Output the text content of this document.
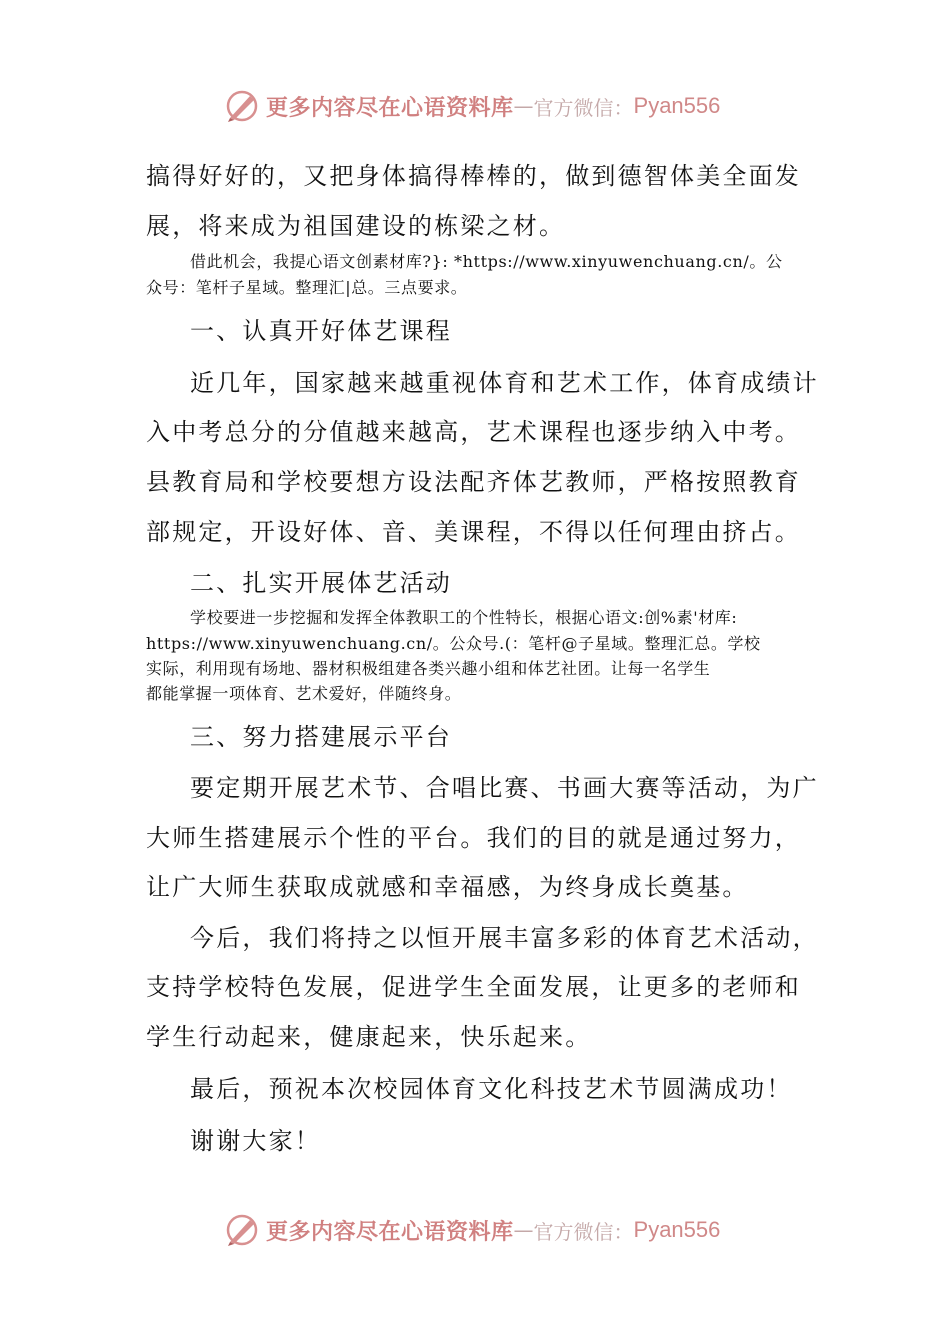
更多内容尽在心语资料库 — 官方微信： Pyan556
搞得好好的，又把身体搞得棒棒的，做到德智体美全面发
展，将来成为祖国建设的栋梁之材。
借此机会，我提心语文创素材库?}: *https://www.xinyuwenchuang.cn/。公
众号：笔杆子星域。整理汇|总。三点要求。
一、认真开好体艺课程
近几年，国家越来越重视体育和艺术工作，体育成绩计
入中考总分的分值越来越高，艺术课程也逐步纳入中考。
县教育局和学校要想方设法配齐体艺教师，严格按照教育
部规定，开设好体、音、美课程，不得以任何理由挤占。
二、扎实开展体艺活动
学校要进一步挖掘和发挥全体教职工的个性特长，根据心语文:创%素'材库:
https://www.xinyuwenchuang.cn/。公众号.(：笔杆@子星域。整理汇总。学校
实际，利用现有场地、器材积极组建各类兴趣小组和体艺社团。让每一名学生
都能掌握一项体育、艺术爱好，伴随终身。
三、努力搭建展示平台
要定期开展艺术节、合唱比赛、书画大赛等活动，为广
大师生搭建展示个性的平台。我们的目的就是通过努力，
让广大师生获取成就感和幸福感，为终身成长奠基。
今后，我们将持之以恒开展丰富多彩的体育艺术活动，
支持学校特色发展，促进学生全面发展，让更多的老师和
学生行动起来，健康起来，快乐起来。
最后，预祝本次校园体育文化科技艺术节圆满成功！
谢谢大家！
更多内容尽在心语资料库 — 官方微信： Pyan556
